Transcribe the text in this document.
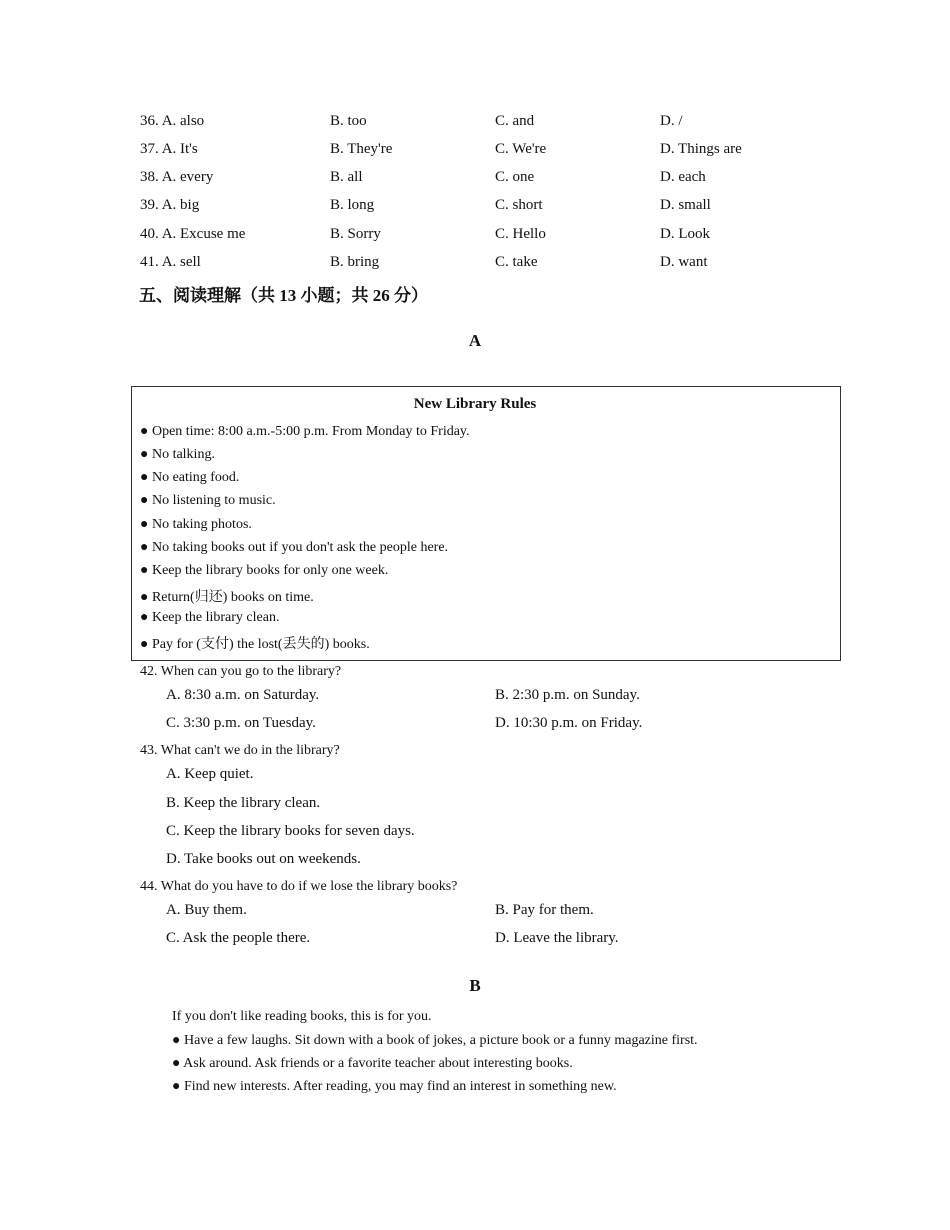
36. A. also	B. too	C. and	D. /
37. A. It's	B. They're	C. We're	D. Things are
38. A. every	B. all	C. one	D. each
39. A. big	B. long	C. short	D. small
40. A. Excuse me	B. Sorry	C. Hello	D. Look
41. A. sell	B. bring	C. take	D. want
五、阅读理解（共 13 小题；共 26 分）
A
New Library Rules
● Open time: 8:00 a.m.-5:00 p.m. From Monday to Friday.
● No talking.
● No eating food.
● No listening to music.
● No taking photos.
● No taking books out if you don't ask the people here.
● Keep the library books for only one week.
● Return(归还) books on time.
● Keep the library clean.
● Pay for (支付) the lost(丢失的) books.
42. When can you go to the library?
A. 8:30 a.m. on Saturday.	B. 2:30 p.m. on Sunday.
C. 3:30 p.m. on Tuesday.	D. 10:30 p.m. on Friday.
43. What can't we do in the library?
A. Keep quiet.
B. Keep the library clean.
C. Keep the library books for seven days.
D. Take books out on weekends.
44. What do you have to do if we lose the library books?
A. Buy them.	B. Pay for them.
C. Ask the people there.	D. Leave the library.
B
If you don't like reading books, this is for you.
● Have a few laughs. Sit down with a book of jokes, a picture book or a funny magazine first.
● Ask around. Ask friends or a favorite teacher about interesting books.
● Find new interests. After reading, you may find an interest in something new.
